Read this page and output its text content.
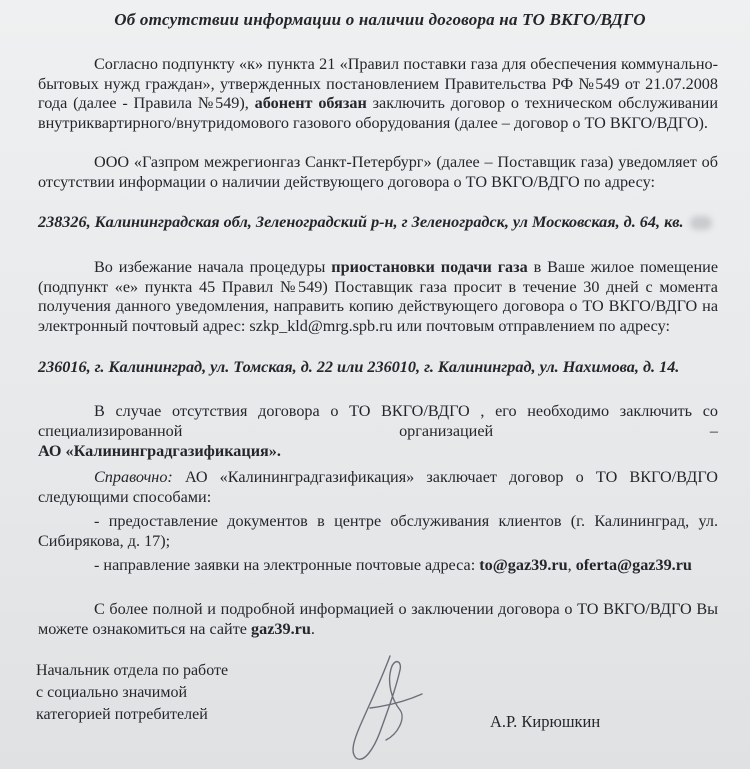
Об отсутствии информации о наличии договора на ТО ВКГО/ВДГО
Согласно подпункту «к» пункта 21 «Правил поставки газа для обеспечения коммунально-бытовых нужд граждан», утвержденных постановлением Правительства РФ №549 от 21.07.2008 года (далее - Правила №549), абонент обязан заключить договор о техническом обслуживании внутриквартирного/внутридомового газового оборудования (далее – договор о ТО ВКГО/ВДГО).
ООО «Газпром межрегионгаз Санкт-Петербург» (далее – Поставщик газа) уведомляет об отсутствии информации о наличии действующего договора о ТО ВКГО/ВДГО по адресу:
238326, Калининградская обл, Зеленоградский р-н, г Зеленоградск, ул Московская, д. 64, кв.
Во избежание начала процедуры приостановки подачи газа в Ваше жилое помещение (подпункт «е» пункта 45 Правил №549) Поставщик газа просит в течение 30 дней с момента получения данного уведомления, направить копию действующего договора о ТО ВКГО/ВДГО на электронный почтовый адрес: szkp_kld@mrg.spb.ru или почтовым отправлением по адресу:
236016, г. Калининград, ул. Томская, д. 22 или 236010, г. Калининград, ул. Нахимова, д. 14.
В случае отсутствия договора о ТО ВКГО/ВДГО , его необходимо заключить со специализированной организацией –
АО «Калининградгазификация».
Справочно: АО «Калининградгазификация» заключает договор о ТО ВКГО/ВДГО следующими способами:
- предоставление документов в центре обслуживания клиентов (г. Калининград, ул. Сибирякова, д. 17);
- направление заявки на электронные почтовые адреса: to@gaz39.ru, oferta@gaz39.ru
С более полной и подробной информацией о заключении договора о ТО ВКГО/ВДГО Вы можете ознакомиться на сайте gaz39.ru.
Начальник отдела по работе
с социально значимой
категорией потребителей	А.Р. Кирюшкин
